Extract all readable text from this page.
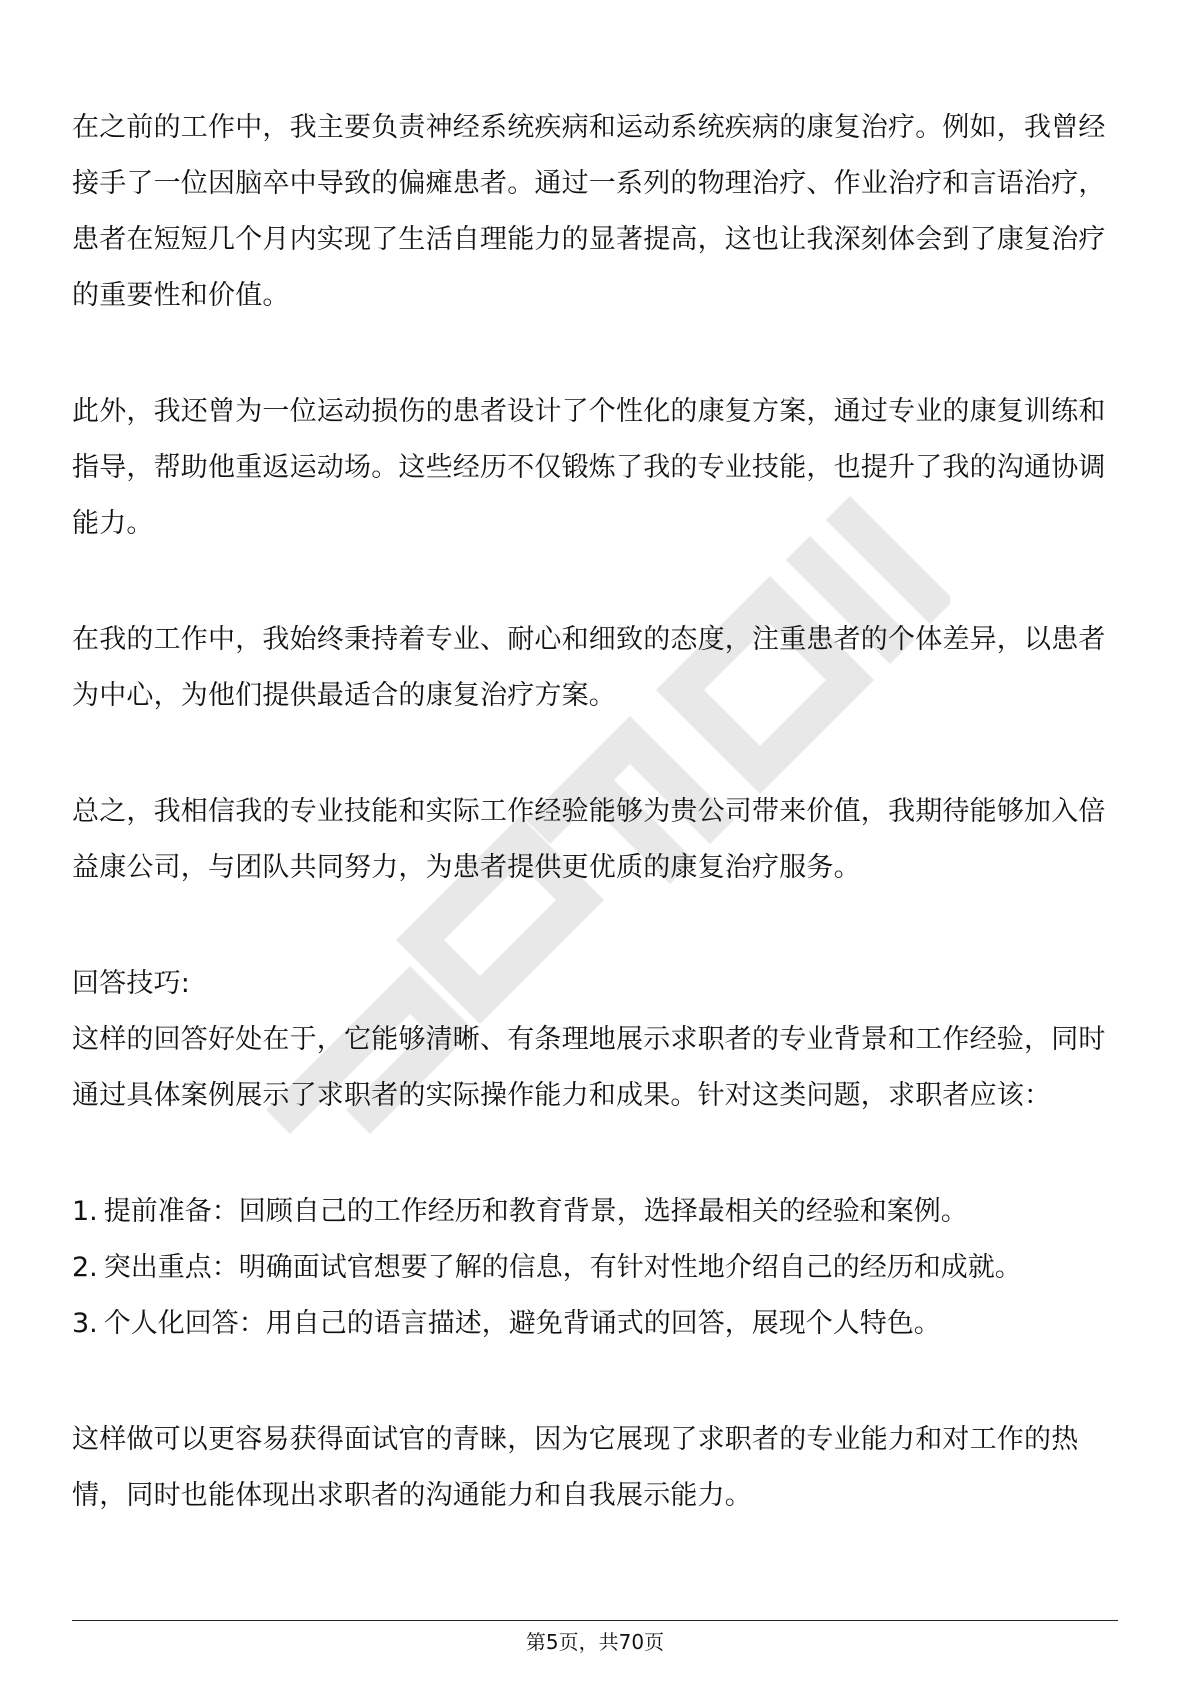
在之前的工作中，我主要负责神经系统疾病和运动系统疾病的康复治疗。例如，我曾经接手了一位因脑卒中导致的偏瘫患者。通过一系列的物理治疗、作业治疗和言语治疗，患者在短短几个月内实现了生活自理能力的显著提高，这也让我深刻体会到了康复治疗的重要性和价值。

此外，我还曾为一位运动损伤的患者设计了个性化的康复方案，通过专业的康复训练和指导，帮助他重返运动场。这些经历不仅锻炼了我的专业技能，也提升了我的沟通协调能力。

在我的工作中，我始终秉持着专业、耐心和细致的态度，注重患者的个体差异，以患者为中心，为他们提供最适合的康复治疗方案。

总之，我相信我的专业技能和实际工作经验能够为贵公司带来价值，我期待能够加入倍益康公司，与团队共同努力，为患者提供更优质的康复治疗服务。

回答技巧:

这样的回答好处在于，它能够清晰、有条理地展示求职者的专业背景和工作经验，同时通过具体案例展示了求职者的实际操作能力和成果。针对这类问题，求职者应该：

1. 提前准备：回顾自己的工作经历和教育背景，选择最相关的经验和案例。

2. 突出重点：明确面试官想要了解的信息，有针对性地介绍自己的经历和成就。

3. 个人化回答：用自己的语言描述，避免背诵式的回答，展现个人特色。

这样做可以更容易获得面试官的青睐，因为它展现了求职者的专业能力和对工作的热情，同时也能体现出求职者的沟通能力和自我展示能力。

第5页，共70页
